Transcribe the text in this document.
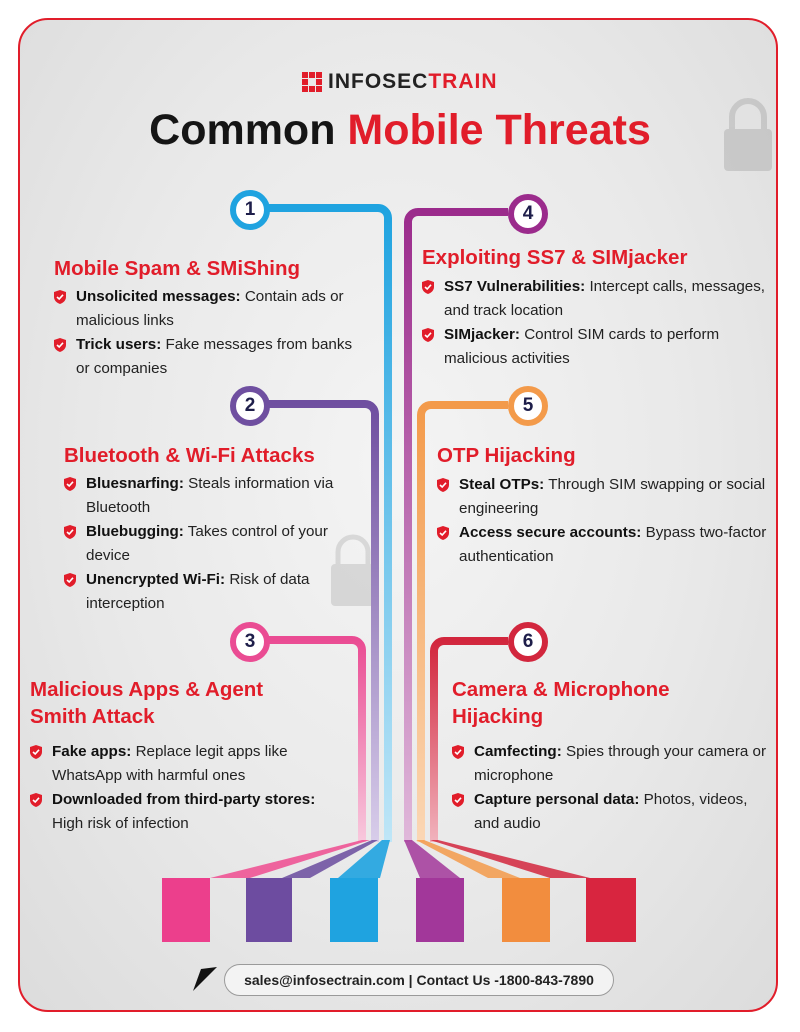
INFOSECTRAIN
Common Mobile Threats
1
2
3
4
5
6
Mobile Spam & SMiShing
Unsolicited messages: Contain ads or malicious links
Trick users: Fake messages from banks or companies
Bluetooth & Wi-Fi Attacks
Bluesnarfing: Steals information via Bluetooth
Bluebugging: Takes control of your device
Unencrypted Wi-Fi: Risk of data interception
Malicious Apps & Agent Smith Attack
Fake apps: Replace legit apps like WhatsApp with harmful ones
Downloaded from third-party stores: High risk of infection
Exploiting SS7 & SIMjacker
SS7 Vulnerabilities: Intercept calls, messages, and track location
SIMjacker: Control SIM cards to perform malicious activities
OTP Hijacking
Steal OTPs: Through SIM swapping or social engineering
Access secure accounts: Bypass two-factor authentication
Camera & Microphone Hijacking
Camfecting: Spies through your camera or microphone
Capture personal data: Photos, videos, and audio
sales@infosectrain.com | Contact Us -1800-843-7890
